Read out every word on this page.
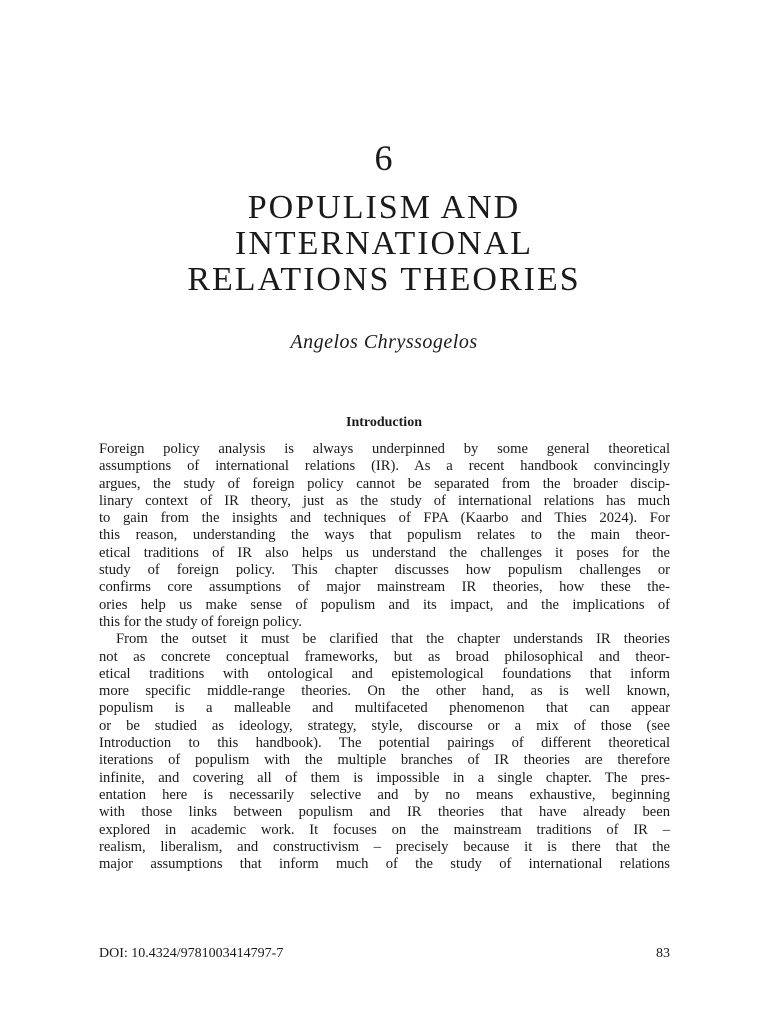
6
POPULISM AND
INTERNATIONAL
RELATIONS THEORIES
Angelos Chryssogelos
Introduction
Foreign policy analysis is always underpinned by some general theoretical
assumptions of international relations (IR). As a recent handbook convincingly
argues, the study of foreign policy cannot be separated from the broader discip-
linary context of IR theory, just as the study of international relations has much
to gain from the insights and techniques of FPA (Kaarbo and Thies 2024). For
this reason, understanding the ways that populism relates to the main theor-
etical traditions of IR also helps us understand the challenges it poses for the
study of foreign policy. This chapter discusses how populism challenges or
confirms core assumptions of major mainstream IR theories, how these the-
ories help us make sense of populism and its impact, and the implications of
this for the study of foreign policy.
From the outset it must be clarified that the chapter understands IR theories
not as concrete conceptual frameworks, but as broad philosophical and theor-
etical traditions with ontological and epistemological foundations that inform
more specific middle-range theories. On the other hand, as is well known,
populism is a malleable and multifaceted phenomenon that can appear
or be studied as ideology, strategy, style, discourse or a mix of those (see
Introduction to this handbook). The potential pairings of different theoretical
iterations of populism with the multiple branches of IR theories are therefore
infinite, and covering all of them is impossible in a single chapter. The pres-
entation here is necessarily selective and by no means exhaustive, beginning
with those links between populism and IR theories that have already been
explored in academic work. It focuses on the mainstream traditions of IR –
realism, liberalism, and constructivism – precisely because it is there that the
major assumptions that inform much of the study of international relations
DOI: 10.4324/9781003414797-7	83
